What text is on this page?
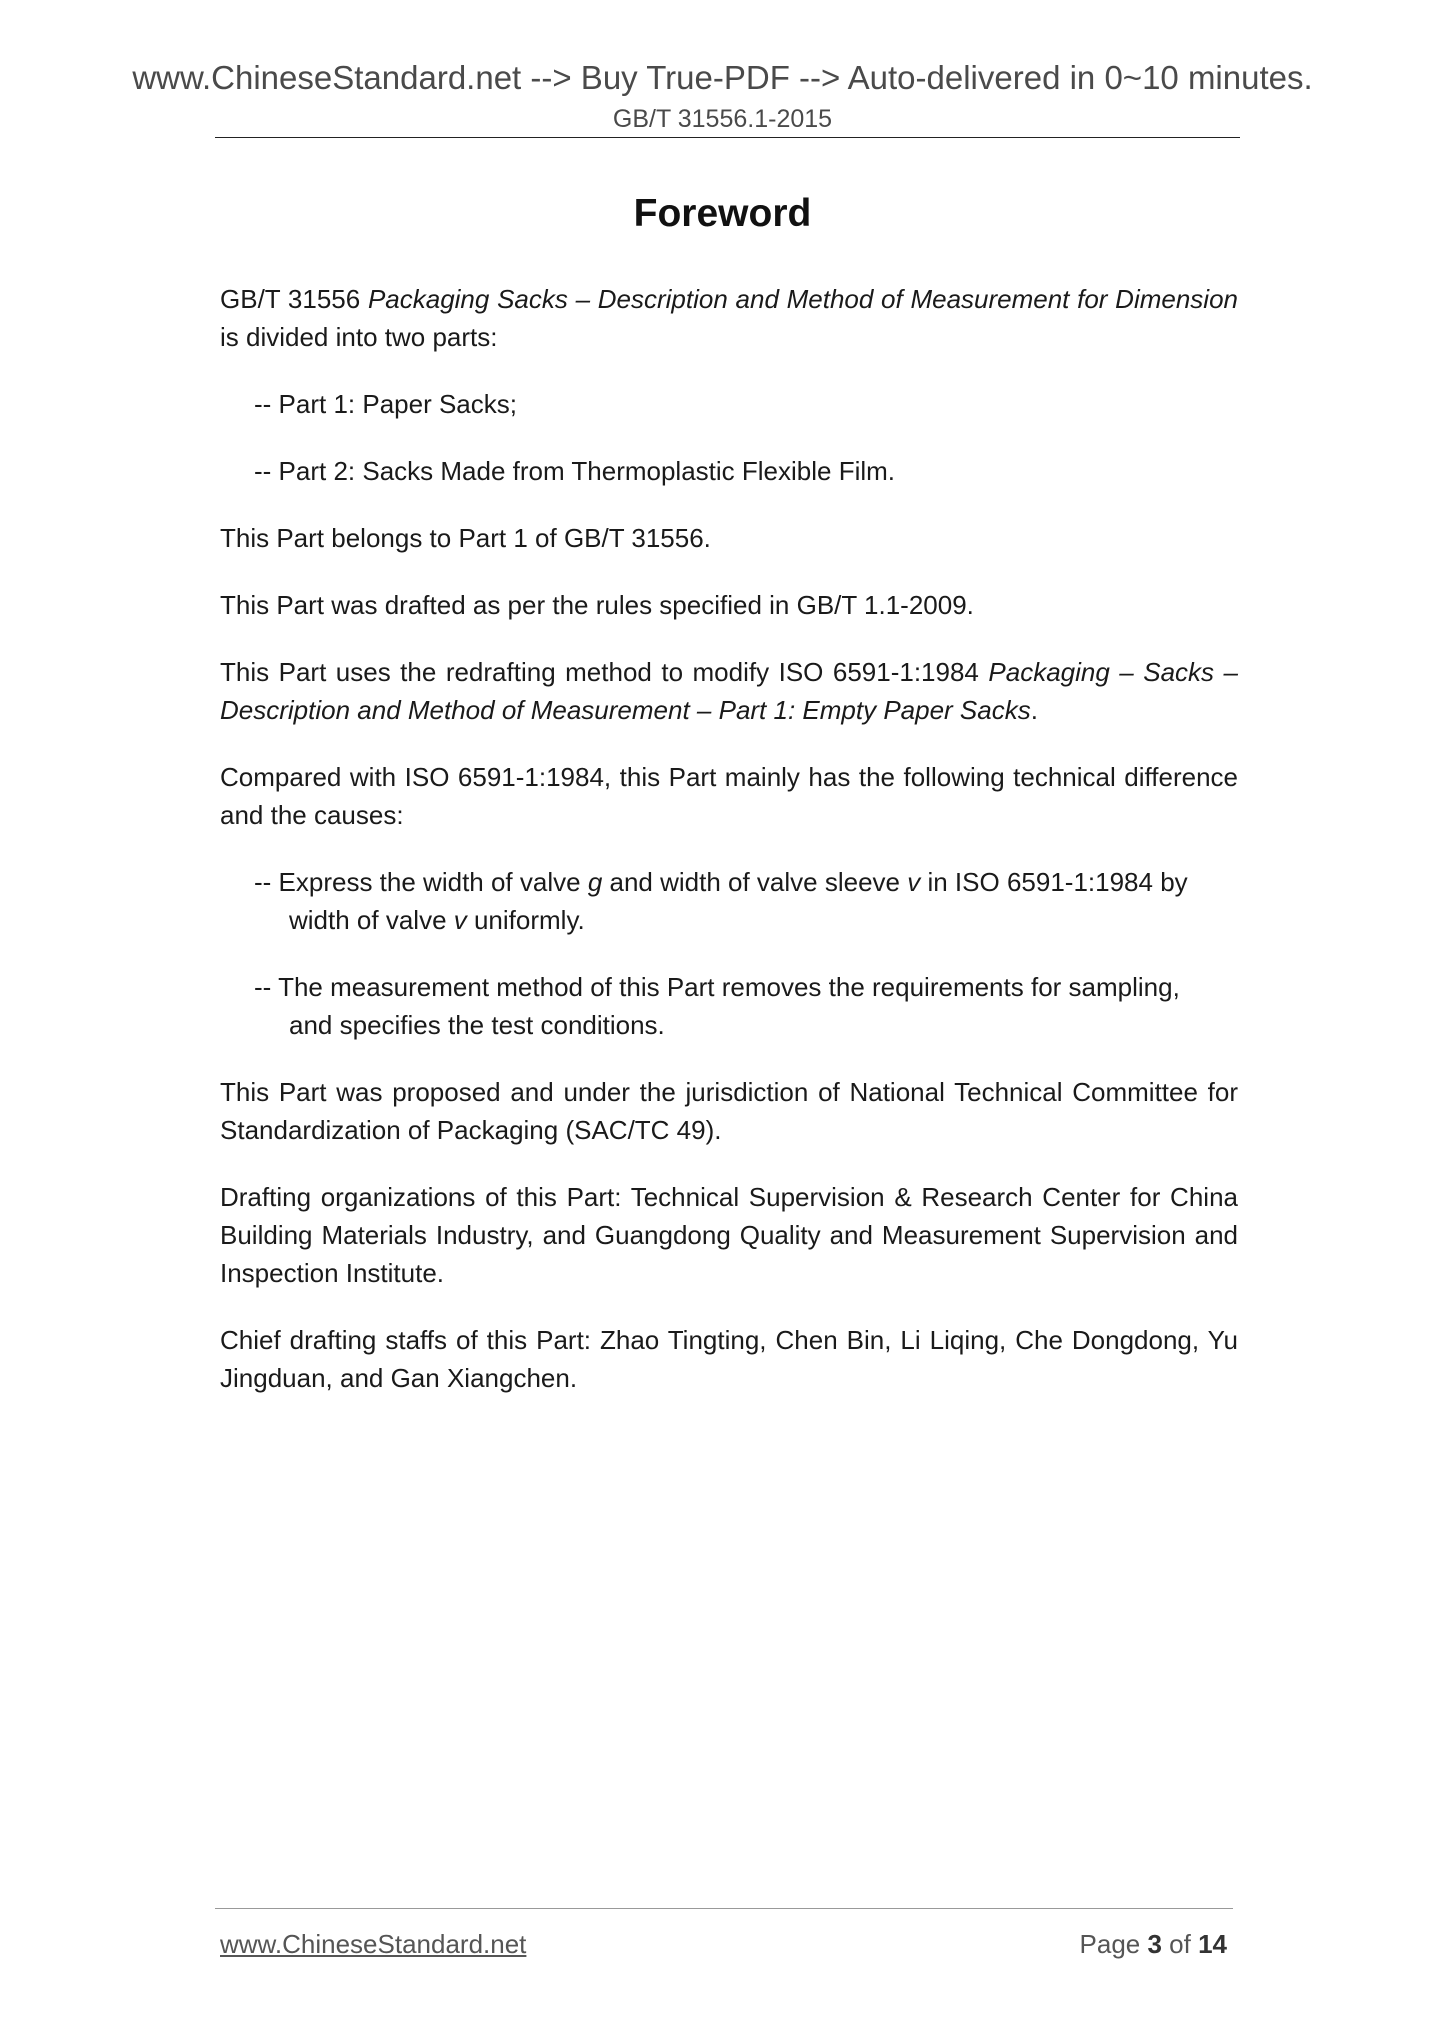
www.ChineseStandard.net --> Buy True-PDF --> Auto-delivered in 0~10 minutes.
GB/T 31556.1-2015
Foreword

GB/T 31556 Packaging Sacks – Description and Method of Measurement for Dimension is divided into two parts:

-- Part 1: Paper Sacks;
-- Part 2: Sacks Made from Thermoplastic Flexible Film.

This Part belongs to Part 1 of GB/T 31556.

This Part was drafted as per the rules specified in GB/T 1.1-2009.

This Part uses the redrafting method to modify ISO 6591-1:1984 Packaging – Sacks – Description and Method of Measurement – Part 1: Empty Paper Sacks.

Compared with ISO 6591-1:1984, this Part mainly has the following technical difference and the causes:

-- Express the width of valve g and width of valve sleeve v in ISO 6591-1:1984 by
width of valve v uniformly.
-- The measurement method of this Part removes the requirements for sampling,
and specifies the test conditions.

This Part was proposed and under the jurisdiction of National Technical Committee for Standardization of Packaging (SAC/TC 49).

Drafting organizations of this Part: Technical Supervision & Research Center for China Building Materials Industry, and Guangdong Quality and Measurement Supervision and Inspection Institute.

Chief drafting staffs of this Part: Zhao Tingting, Chen Bin, Li Liqing, Che Dongdong, Yu Jingduan, and Gan Xiangchen.

www.ChineseStandard.net	Page 3 of 14
